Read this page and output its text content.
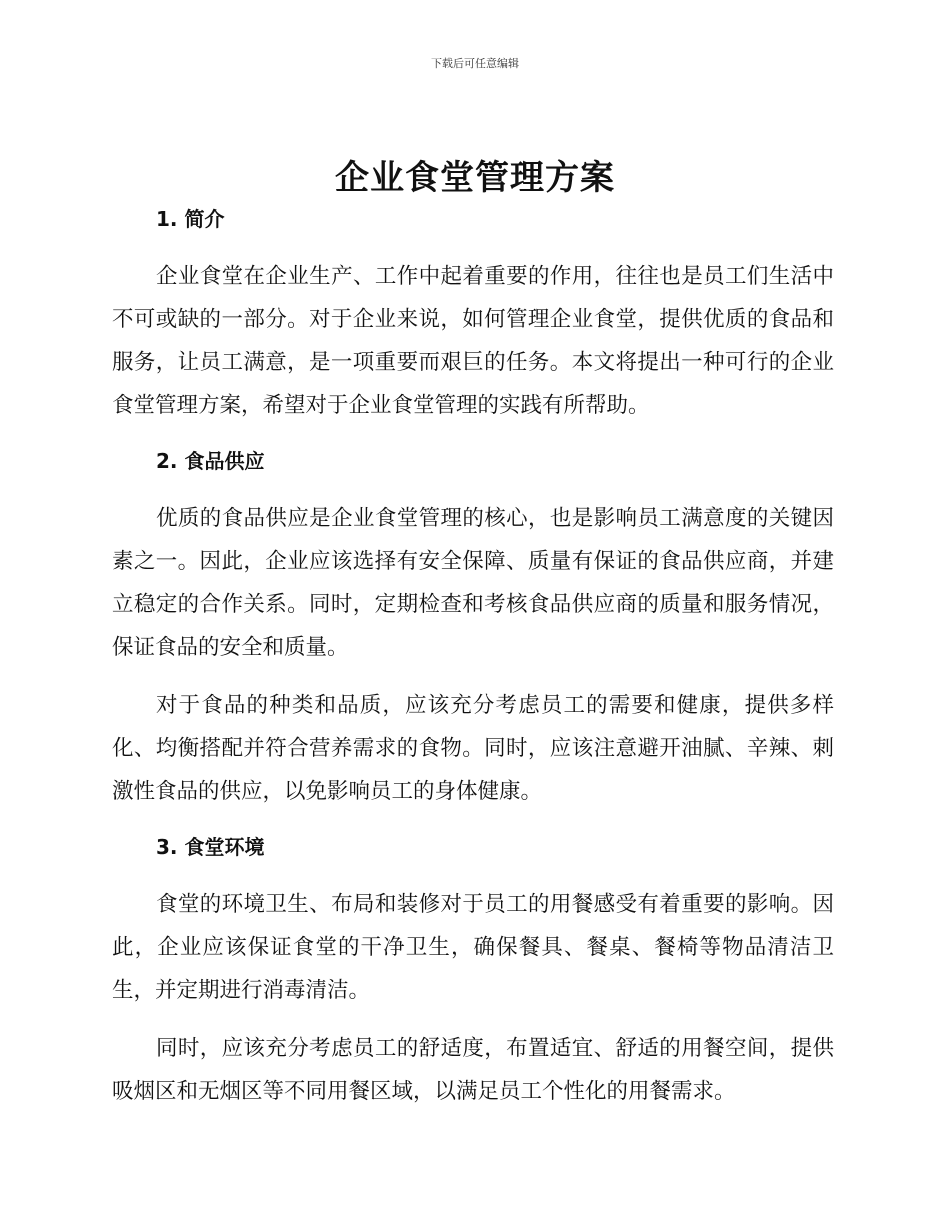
下载后可任意编辑
企业食堂管理方案
1. 简介

企业食堂在企业生产、工作中起着重要的作用，往往也是员工们生活中不可或缺的一部分。对于企业来说，如何管理企业食堂，提供优质的食品和服务，让员工满意，是一项重要而艰巨的任务。本文将提出一种可行的企业食堂管理方案，希望对于企业食堂管理的实践有所帮助。

2. 食品供应

优质的食品供应是企业食堂管理的核心，也是影响员工满意度的关键因素之一。因此，企业应该选择有安全保障、质量有保证的食品供应商，并建立稳定的合作关系。同时，定期检查和考核食品供应商的质量和服务情况，保证食品的安全和质量。

对于食品的种类和品质，应该充分考虑员工的需要和健康，提供多样化、均衡搭配并符合营养需求的食物。同时，应该注意避开油腻、辛辣、刺激性食品的供应，以免影响员工的身体健康。

3. 食堂环境

食堂的环境卫生、布局和装修对于员工的用餐感受有着重要的影响。因此，企业应该保证食堂的干净卫生，确保餐具、餐桌、餐椅等物品清洁卫生，并定期进行消毒清洁。

同时，应该充分考虑员工的舒适度，布置适宜、舒适的用餐空间，提供吸烟区和无烟区等不同用餐区域，以满足员工个性化的用餐需求。
